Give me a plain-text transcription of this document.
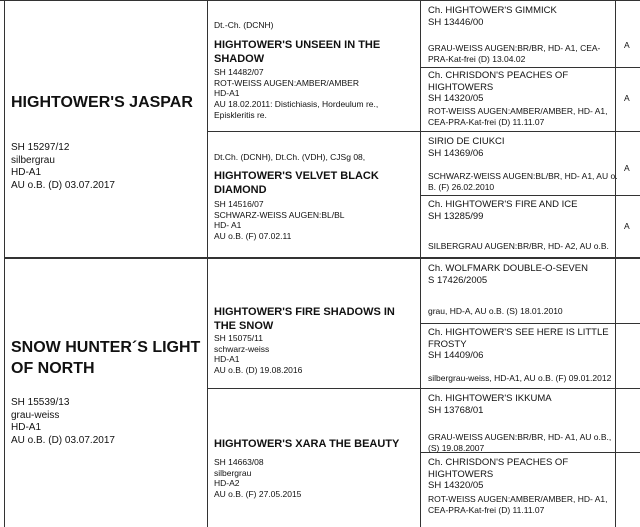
A
A
A
A
HIGHTOWER'S JASPAR
SH 15297/12
silbergrau
HD-A1
AU o.B. (D) 03.07.2017
Dt.-Ch. (DCNH)
HIGHTOWER'S UNSEEN IN THE
SHADOW
SH 14482/07
ROT-WEISS AUGEN:AMBER/AMBER
HD-A1
AU 18.02.2011: Distichiasis, Hordeulum re.,
Episkleritis re.
Dt.Ch. (DCNH), Dt.Ch. (VDH), CJSg 08,
HIGHTOWER'S VELVET BLACK
DIAMOND
SH 14516/07
SCHWARZ-WEISS AUGEN:BL/BL
HD- A1
AU o.B. (F) 07.02.11
Ch. HIGHTOWER'S GIMMICK
SH 13446/00
GRAU-WEISS AUGEN:BR/BR, HD- A1, CEA-
PRA-Kat-frei (D) 13.04.02
Ch. CHRISDON'S PEACHES OF
HIGHTOWERS
SH 14320/05
ROT-WEISS AUGEN:AMBER/AMBER, HD- A1,
CEA-PRA-Kat-frei (D) 11.11.07
SIRIO DE CIUKCI
SH 14369/06
SCHWARZ-WEISS AUGEN:BL/BR, HD- A1, AU o.
B. (F) 26.02.2010
Ch. HIGHTOWER'S FIRE AND ICE
SH 13285/99
SILBERGRAU AUGEN:BR/BR, HD- A2, AU o.B.
SNOW HUNTER´S LIGHT
OF NORTH
SH 15539/13
grau-weiss
HD-A1
AU o.B. (D) 03.07.2017
HIGHTOWER'S FIRE SHADOWS IN
THE SNOW
SH 15075/11
schwarz-weiss
HD-A1
AU o.B. (D) 19.08.2016
HIGHTOWER'S XARA THE BEAUTY
SH 14663/08
silbergrau
HD-A2
AU o.B. (F) 27.05.2015
Ch. WOLFMARK DOUBLE-O-SEVEN
S 17426/2005
grau, HD-A, AU o.B. (S) 18.01.2010
Ch. HIGHTOWER'S SEE HERE IS LITTLE
FROSTY
SH 14409/06
silbergrau-weiss, HD-A1, AU o.B. (F) 09.01.2012
Ch. HIGHTOWER'S IKKUMA
SH 13768/01
GRAU-WEISS AUGEN:BR/BR, HD- A1, AU o.B.,
(S) 19.08.2007
Ch. CHRISDON'S PEACHES OF
HIGHTOWERS
SH 14320/05
ROT-WEISS AUGEN:AMBER/AMBER, HD- A1,
CEA-PRA-Kat-frei (D) 11.11.07
